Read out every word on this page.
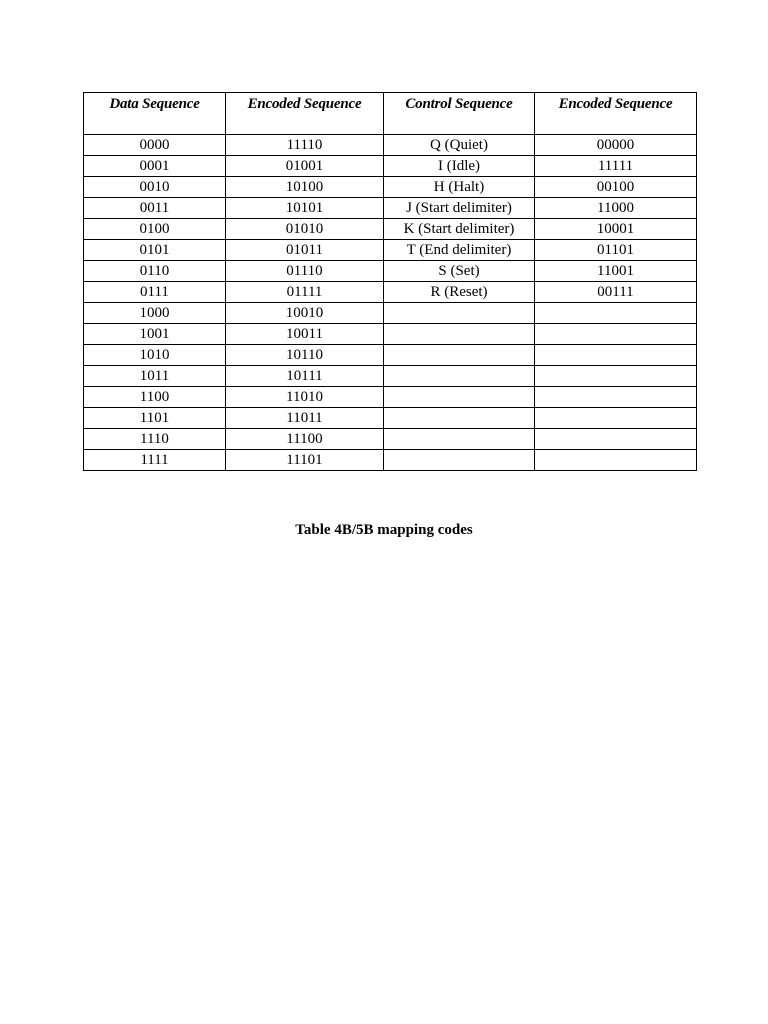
Data Sequence	Encoded Sequence	Control Sequence	Encoded Sequence
0000	11110	Q (Quiet)	00000
0001	01001	I (Idle)	11111
0010	10100	H (Halt)	00100
0011	10101	J (Start delimiter)	11000
0100	01010	K (Start delimiter)	10001
0101	01011	T (End delimiter)	01101
0110	01110	S (Set)	11001
0111	01111	R (Reset)	00111
1000	10010		
1001	10011		
1010	10110		
1011	10111		
1100	11010		
1101	11011		
1110	11100		
1111	11101		
Table 4B/5B mapping codes
